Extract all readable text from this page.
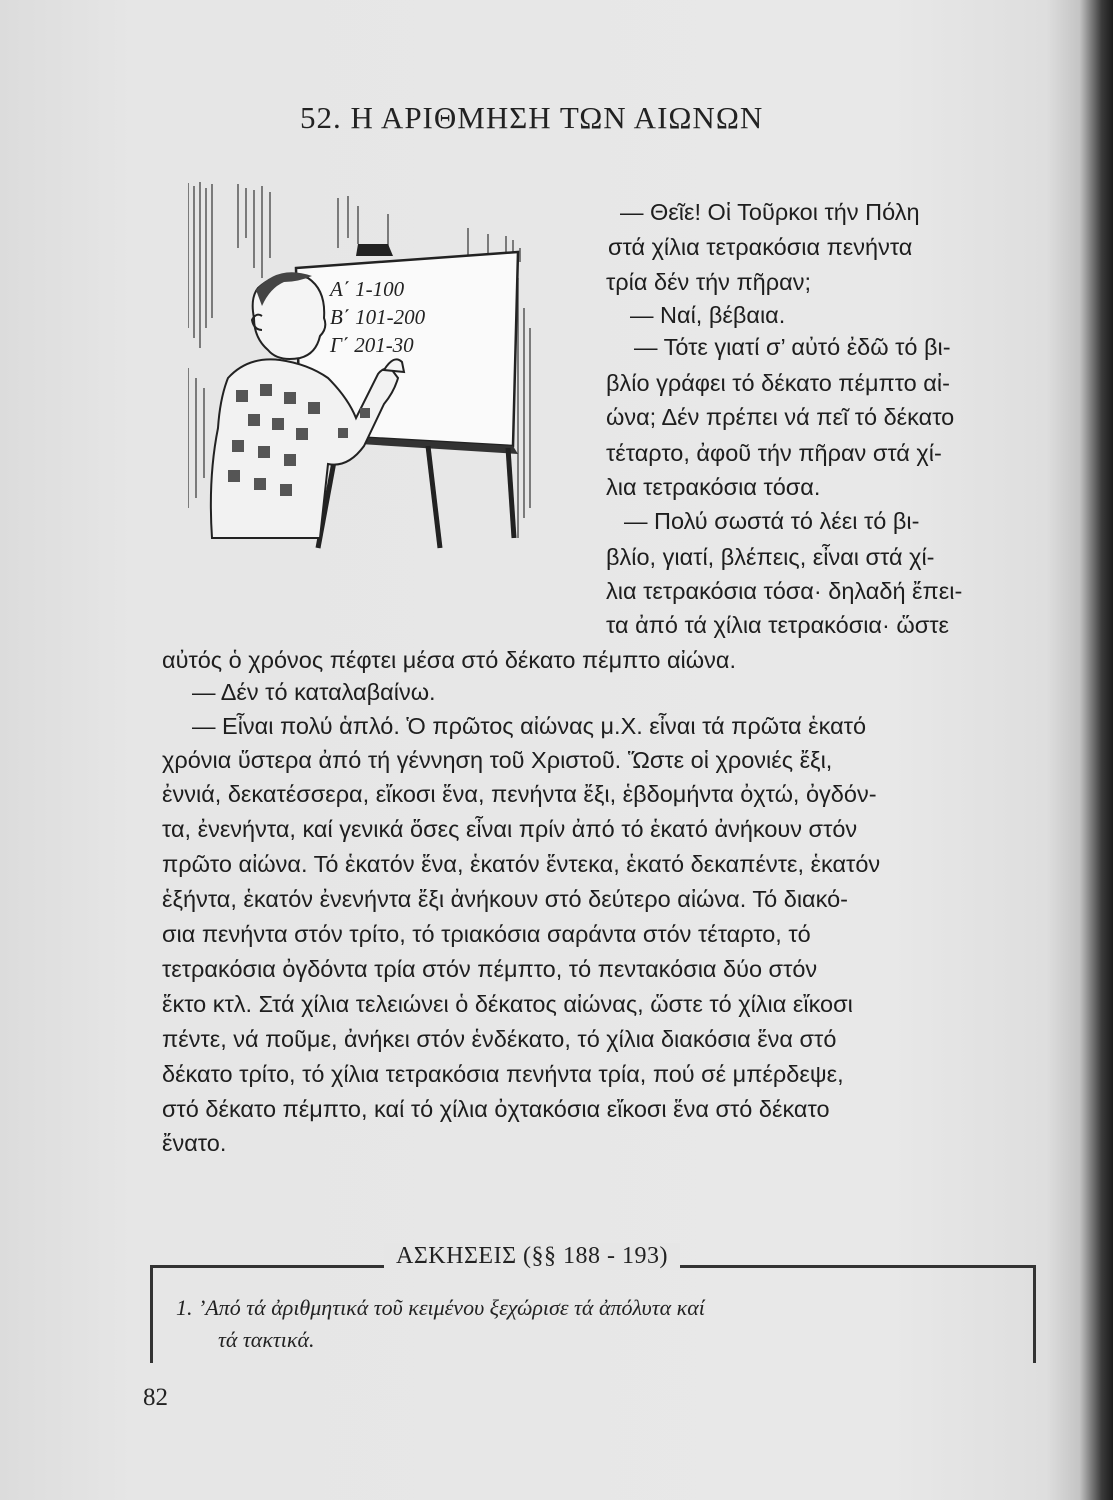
52. Η ΑΡΙΘΜΗΣΗ ΤΩΝ ΑΙΩΝΩΝ
Α΄ 1-100
Β΄ 101-200
Γ΄ 201-30
— Θεῖε! Οἱ Τοῦρκοι τήν Πόλη
στά χίλια τετρακόσια πενήντα
τρία δέν τήν πῆραν;
— Ναί, βέβαια.
— Τότε γιατί σ’ αὐτό ἐδῶ τό βι-
βλίο γράφει τό δέκατο πέμπτο αἰ-
ώνα; Δέν πρέπει νά πεῖ τό δέκατο
τέταρτο, ἀφοῦ τήν πῆραν στά χί-
λια τετρακόσια τόσα.
— Πολύ σωστά τό λέει τό βι-
βλίο, γιατί, βλέπεις, εἶναι στά χί-
λια τετρακόσια τόσα· δηλαδή ἔπει-
τα ἀπό τά χίλια τετρακόσια· ὥστε
αὐτός ὁ χρόνος πέφτει μέσα στό δέκατο πέμπτο αἰώνα.
— Δέν τό καταλαβαίνω.
— Εἶναι πολύ ἁπλό. Ὁ πρῶτος αἰώνας μ.Χ. εἶναι τά πρῶτα ἑκατό
χρόνια ὕστερα ἀπό τή γέννηση τοῦ Χριστοῦ. Ὥστε οἱ χρονιές ἔξι,
ἐννιά, δεκατέσσερα, εἴκοσι ἕνα, πενήντα ἔξι, ἑβδομήντα ὀχτώ, ὀγδόν-
τα, ἐνενήντα, καί γενικά ὅσες εἶναι πρίν ἀπό τό ἑκατό ἀνήκουν στόν
πρῶτο αἰώνα. Τό ἑκατόν ἕνα, ἑκατόν ἕντεκα, ἑκατό δεκαπέντε, ἑκατόν
ἑξήντα, ἑκατόν ἐνενήντα ἔξι ἀνήκουν στό δεύτερο αἰώνα. Τό διακό-
σια πενήντα στόν τρίτο, τό τριακόσια σαράντα στόν τέταρτο, τό
τετρακόσια ὀγδόντα τρία στόν πέμπτο, τό πεντακόσια δύο στόν
ἕκτο κτλ. Στά χίλια τελειώνει ὁ δέκατος αἰώνας, ὥστε τό χίλια εἴκοσι
πέντε, νά ποῦμε, ἀνήκει στόν ἑνδέκατο, τό χίλια διακόσια ἕνα στό
δέκατο τρίτο, τό χίλια τετρακόσια πενήντα τρία, πού σέ μπέρδεψε,
στό δέκατο πέμπτο, καί τό χίλια ὀχτακόσια εἴκοσι ἕνα στό δέκατο
ἔνατο.
ΑΣΚΗΣΕΙΣ (§§ 188 - 193)
1. ’Από τά ἀριθμητικά τοῦ κειμένου ξεχώρισε τά ἀπόλυτα καί
τά τακτικά.
82
